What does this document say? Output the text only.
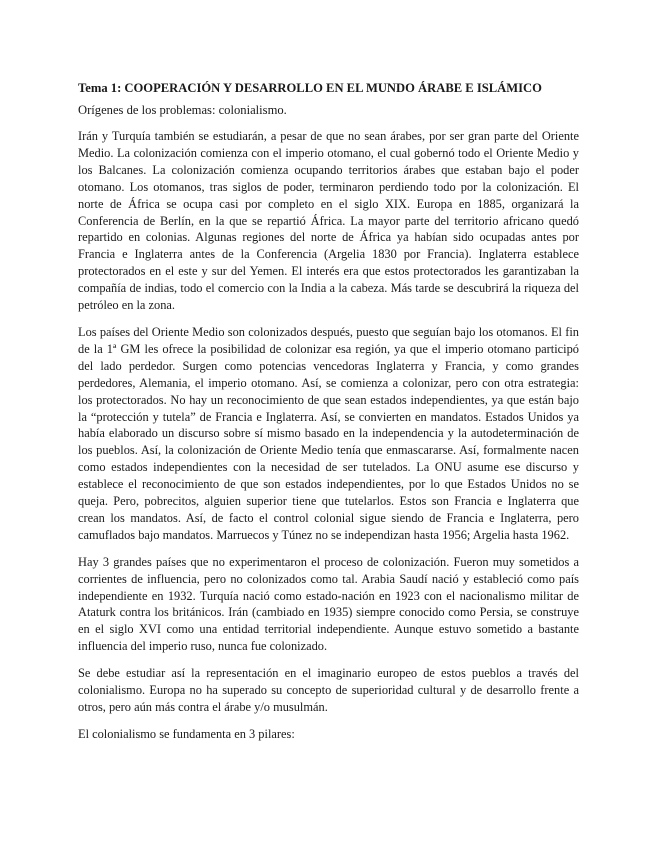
Tema 1: COOPERACIÓN Y DESARROLLO EN EL MUNDO ÁRABE E ISLÁMICO
Orígenes de los problemas: colonialismo.

Irán y Turquía también se estudiarán, a pesar de que no sean árabes, por ser gran parte del Oriente Medio. La colonización comienza con el imperio otomano, el cual gobernó todo el Oriente Medio y los Balcanes. La colonización comienza ocupando territorios árabes que estaban bajo el poder otomano. Los otomanos, tras siglos de poder, terminaron perdiendo todo por la colonización. El norte de África se ocupa casi por completo en el siglo XIX. Europa en 1885, organizará la Conferencia de Berlín, en la que se repartió África. La mayor parte del territorio africano quedó repartido en colonias. Algunas regiones del norte de África ya habían sido ocupadas antes por Francia e Inglaterra antes de la Conferencia (Argelia 1830 por Francia). Inglaterra establece protectorados en el este y sur del Yemen. El interés era que estos protectorados les garantizaban la compañía de indias, todo el comercio con la India a la cabeza. Más tarde se descubrirá la riqueza del petróleo en la zona.

Los países del Oriente Medio son colonizados después, puesto que seguían bajo los otomanos. El fin de la 1ª GM les ofrece la posibilidad de colonizar esa región, ya que el imperio otomano participó del lado perdedor. Surgen como potencias vencedoras Inglaterra y Francia, y como grandes perdedores, Alemania, el imperio otomano. Así, se comienza a colonizar, pero con otra estrategia: los protectorados. No hay un reconocimiento de que sean estados independientes, ya que están bajo la “protección y tutela” de Francia e Inglaterra. Así, se convierten en mandatos. Estados Unidos ya había elaborado un discurso sobre sí mismo basado en la independencia y la autodeterminación de los pueblos. Así, la colonización de Oriente Medio tenía que enmascararse. Así, formalmente nacen como estados independientes con la necesidad de ser tutelados. La ONU asume ese discurso y establece el reconocimiento de que son estados independientes, por lo que Estados Unidos no se queja. Pero, pobrecitos, alguien superior tiene que tutelarlos. Estos son Francia e Inglaterra que crean los mandatos. Así, de facto el control colonial sigue siendo de Francia e Inglaterra, pero camuflados bajo mandatos. Marruecos y Túnez no se independizan hasta 1956; Argelia hasta 1962.

Hay 3 grandes países que no experimentaron el proceso de colonización. Fueron muy sometidos a corrientes de influencia, pero no colonizados como tal. Arabia Saudí nació y estableció como país independiente en 1932. Turquía nació como estado-nación en 1923 con el nacionalismo militar de Ataturk contra los británicos. Irán (cambiado en 1935) siempre conocido como Persia, se construye en el siglo XVI como una entidad territorial independiente. Aunque estuvo sometido a bastante influencia del imperio ruso, nunca fue colonizado.

Se debe estudiar así la representación en el imaginario europeo de estos pueblos a través del colonialismo. Europa no ha superado su concepto de superioridad cultural y de desarrollo frente a otros, pero aún más contra el árabe y/o musulmán.

El colonialismo se fundamenta en 3 pilares:
